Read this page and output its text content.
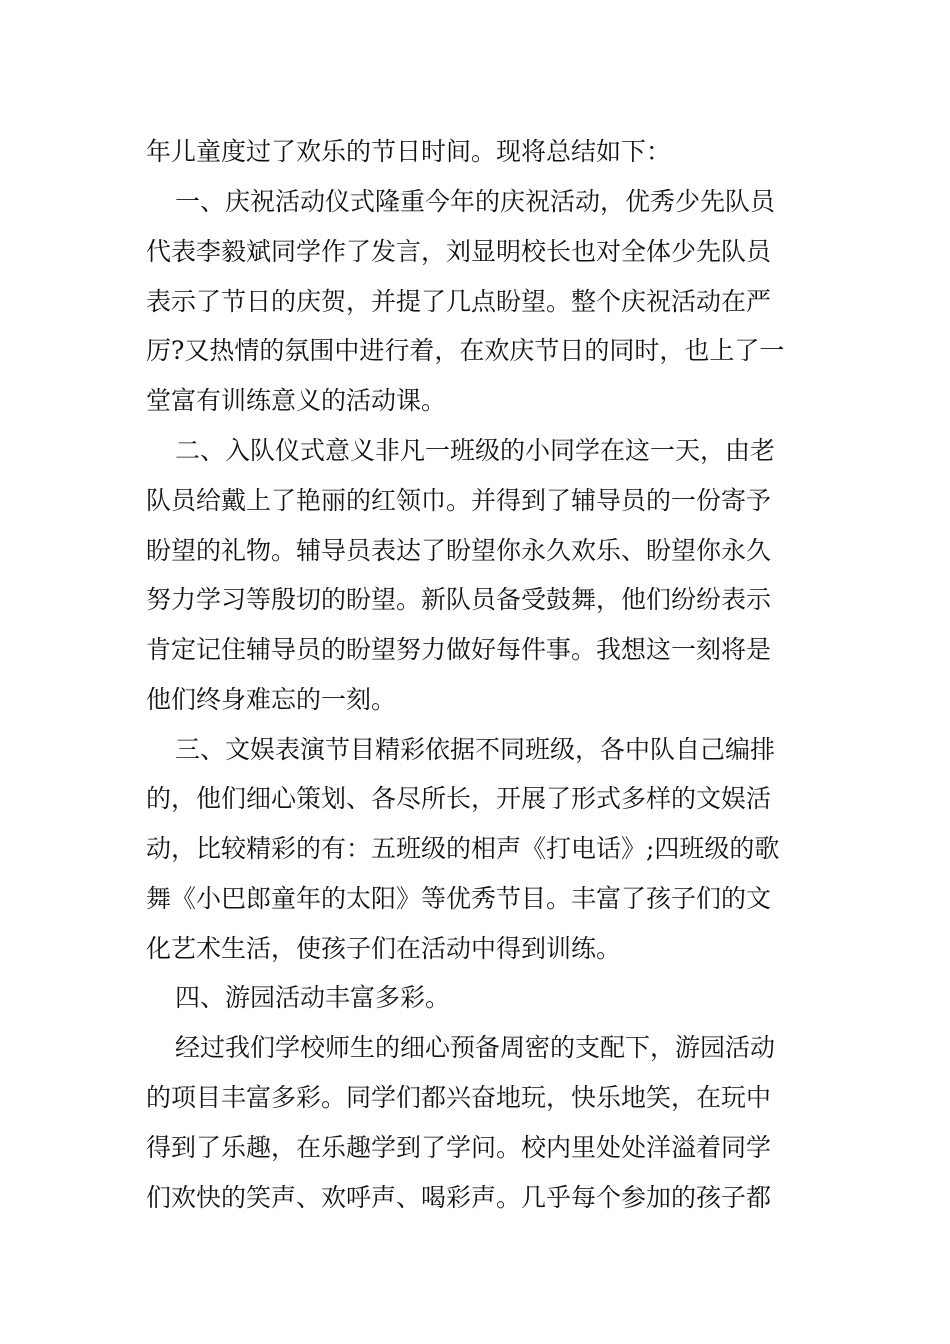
年儿童度过了欢乐的节日时间。现将总结如下：
一、庆祝活动仪式隆重今年的庆祝活动，优秀少先队员
代表李毅斌同学作了发言，刘显明校长也对全体少先队员
表示了节日的庆贺，并提了几点盼望。整个庆祝活动在严
厉?又热情的氛围中进行着，在欢庆节日的同时，也上了一
堂富有训练意义的活动课。
二、入队仪式意义非凡一班级的小同学在这一天，由老
队员给戴上了艳丽的红领巾。并得到了辅导员的一份寄予
盼望的礼物。辅导员表达了盼望你永久欢乐、盼望你永久
努力学习等殷切的盼望。新队员备受鼓舞，他们纷纷表示
肯定记住辅导员的盼望努力做好每件事。我想这一刻将是
他们终身难忘的一刻。
三、文娱表演节目精彩依据不同班级，各中队自己编排
的，他们细心策划、各尽所长，开展了形式多样的文娱活
动，比较精彩的有：五班级的相声《打电话》;四班级的歌
舞《小巴郎童年的太阳》等优秀节目。丰富了孩子们的文
化艺术生活，使孩子们在活动中得到训练。
四、游园活动丰富多彩。
经过我们学校师生的细心预备周密的支配下，游园活动
的项目丰富多彩。同学们都兴奋地玩，快乐地笑，在玩中
得到了乐趣，在乐趣学到了学问。校内里处处洋溢着同学
们欢快的笑声、欢呼声、喝彩声。几乎每个参加的孩子都
